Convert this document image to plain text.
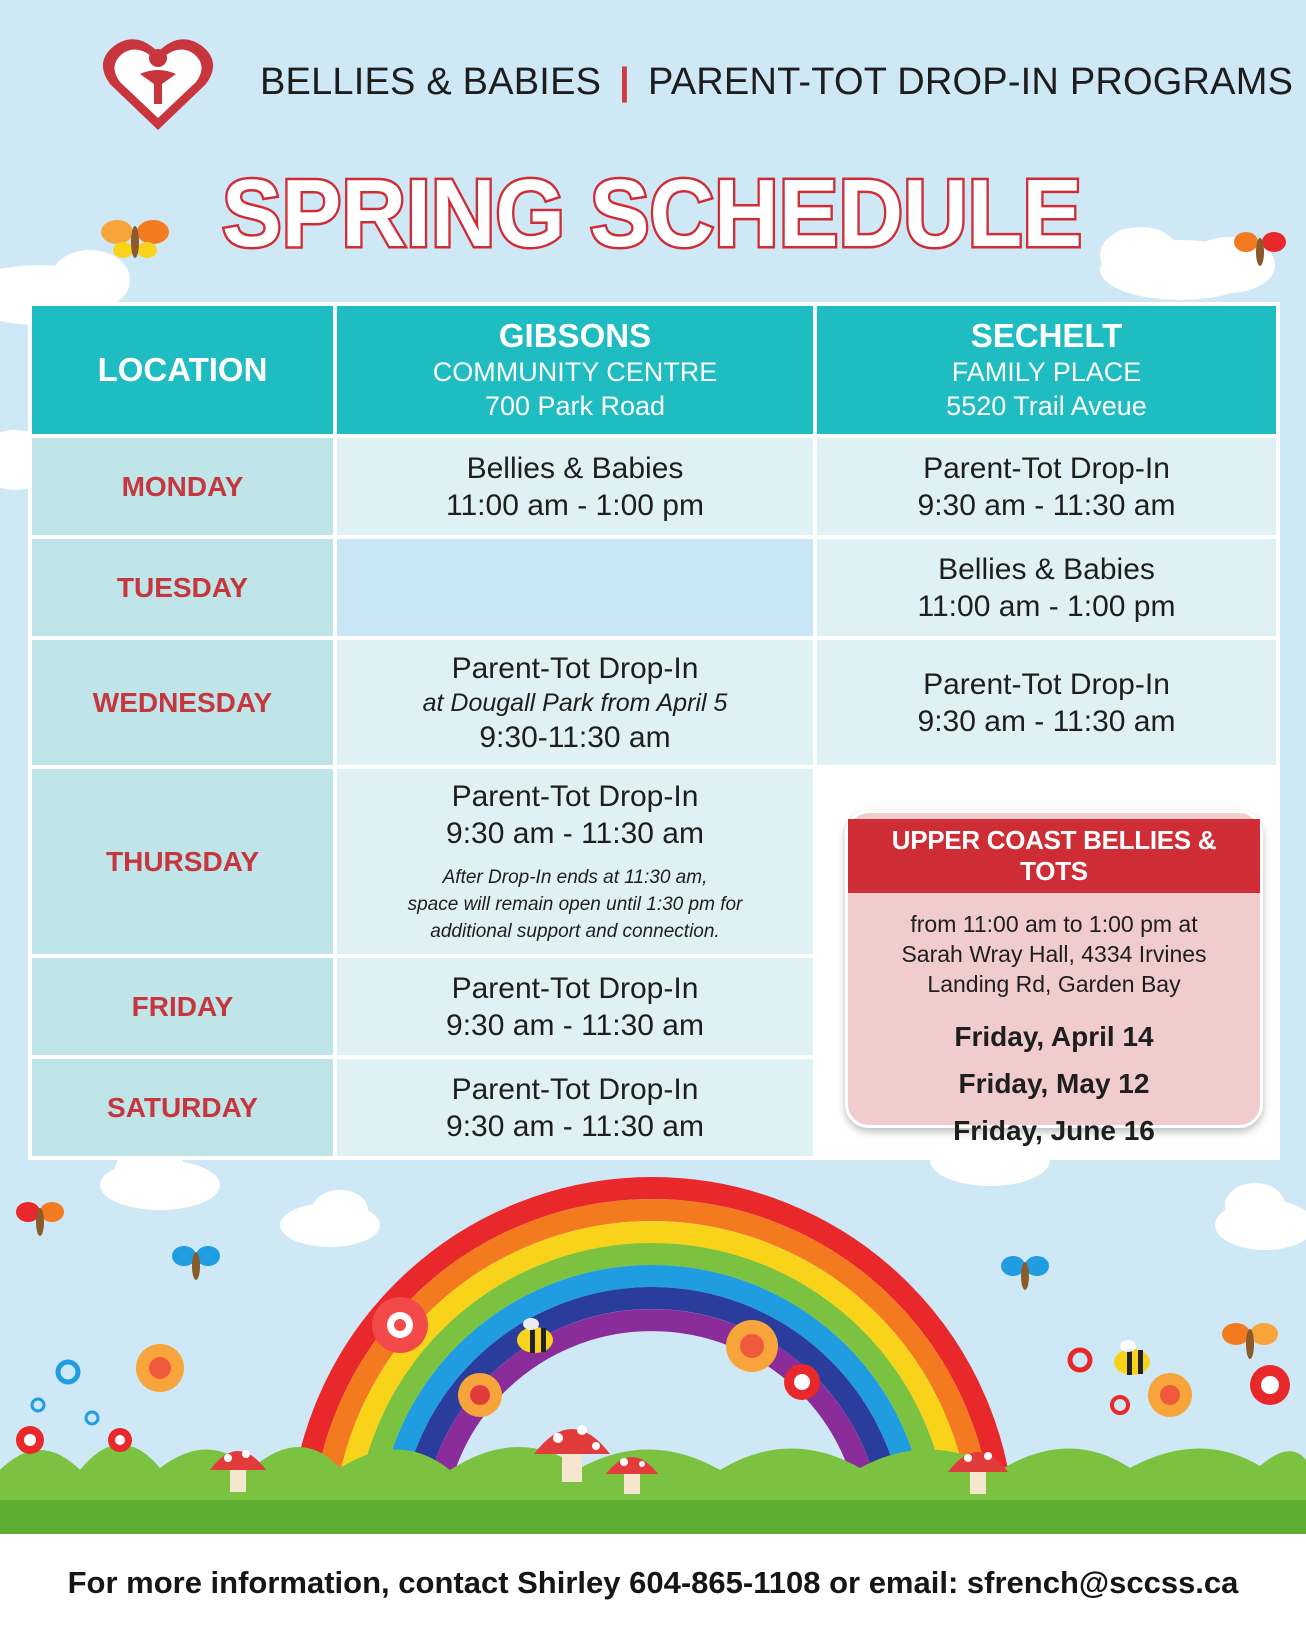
BELLIES & BABIES | PARENT-TOT DROP-IN PROGRAMS
SPRING SCHEDULE
LOCATION	GIBSONS
COMMUNITY CENTRE
700 Park Road	SECHELT
FAMILY PLACE
5520 Trail Aveue

MONDAY	Bellies & Babies
11:00 am - 1:00 pm	Parent-Tot Drop-In
9:30 am - 11:30 am

TUESDAY		Bellies & Babies
11:00 am - 1:00 pm

WEDNESDAY	Parent-Tot Drop-In
at Dougall Park from April 5
9:30-11:30 am	Parent-Tot Drop-In
9:30 am - 11:30 am

THURSDAY	Parent-Tot Drop-In
9:30 am - 11:30 am
After Drop-In ends at 11:30 am,
space will remain open until 1:30 pm for
additional support and connection.	

FRIDAY	Parent-Tot Drop-In
9:30 am - 11:30 am	

SATURDAY	Parent-Tot Drop-In
9:30 am - 11:30 am	

UPPER COAST BELLIES & TOTS
from 11:00 am to 1:00 pm at
Sarah Wray Hall, 4334 Irvines
Landing Rd, Garden Bay
Friday, April 14
Friday, May 12
Friday, June 16
For more information, contact Shirley 604-865-1108 or email: sfrench@sccss.ca
